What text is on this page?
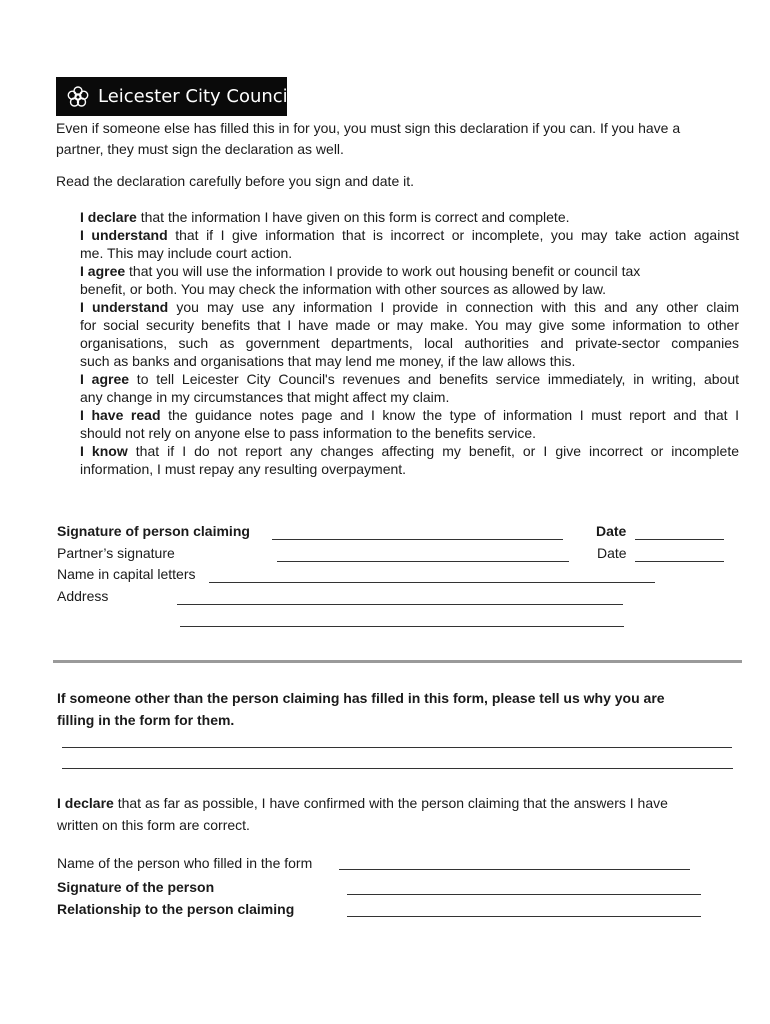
Leicester City Council
Even if someone else has filled this in for you, you must sign this declaration if you can. If you have a
partner, they must sign the declaration as well.
Read the declaration carefully before you sign and date it.
I declare that the information I have given on this form is correct and complete.
I understand that if I give information that is incorrect or incomplete, you may take action against
me. This may include court action.
I agree that you will use the information I provide to work out housing benefit or council tax
benefit, or both. You may check the information with other sources as allowed by law.
I understand you may use any information I provide in connection with this and any other claim
for social security benefits that I have made or may make. You may give some information to other
organisations, such as government departments, local authorities and private-sector companies
such as banks and organisations that may lend me money, if the law allows this.
I agree to tell Leicester City Council's revenues and benefits service immediately, in writing, about
any change in my circumstances that might affect my claim.
I have read the guidance notes page and I know the type of information I must report and that I
should not rely on anyone else to pass information to the benefits service.
I know that if I do not report any changes affecting my benefit, or I give incorrect or incomplete
information, I must repay any resulting overpayment.
Signature of person claiming	Date
Partner’s signature	Date
Name in capital letters
Address
If someone other than the person claiming has filled in this form, please tell us why you are
filling in the form for them.
I declare that as far as possible, I have confirmed with the person claiming that the answers I have
written on this form are correct.
Name of the person who filled in the form
Signature of the person
Relationship to the person claiming
